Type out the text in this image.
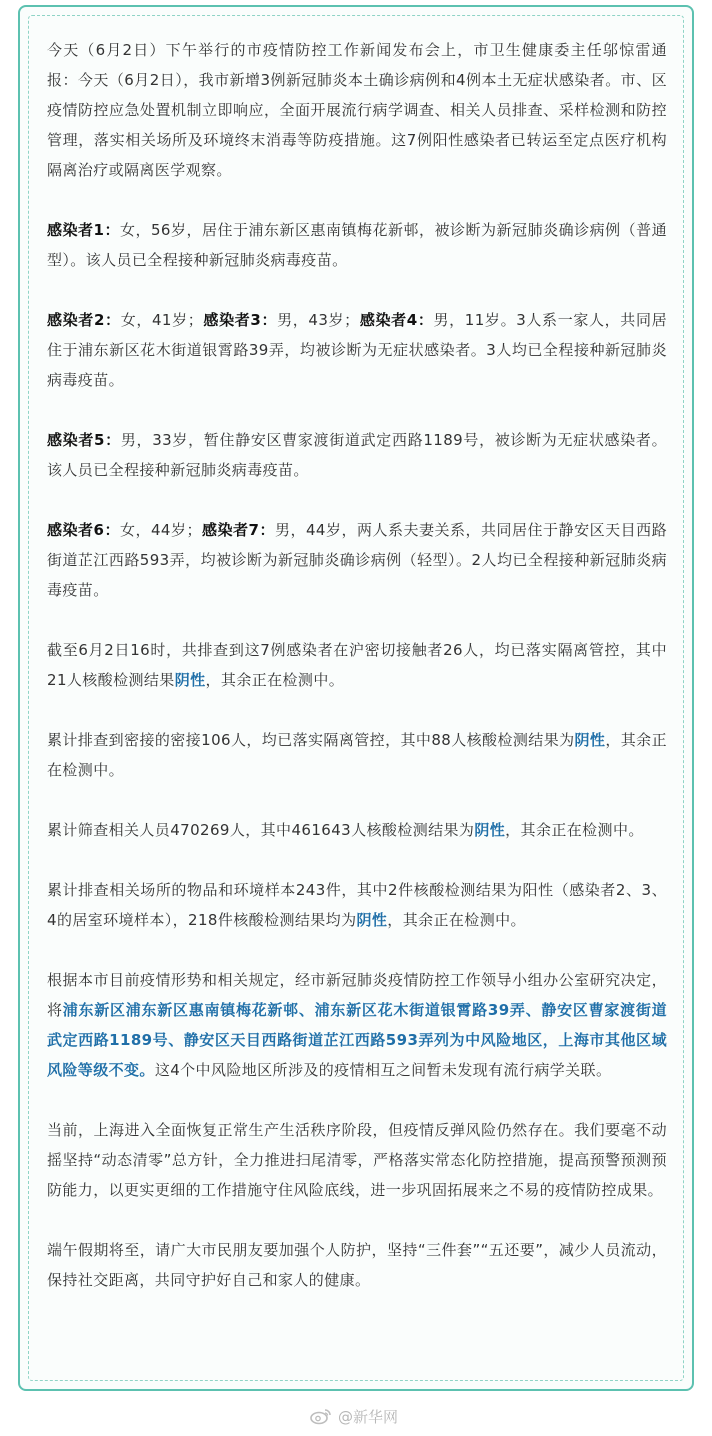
今天（6月2日）下午举行的市疫情防控工作新闻发布会上，市卫生健康委主任邬惊雷通报：今天（6月2日），我市新增3例新冠肺炎本土确诊病例和4例本土无症状感染者。市、区疫情防控应急处置机制立即响应，全面开展流行病学调查、相关人员排查、采样检测和防控管理，落实相关场所及环境终末消毒等防疫措施。这7例阳性感染者已转运至定点医疗机构隔离治疗或隔离医学观察。

感染者1：女，56岁，居住于浦东新区惠南镇梅花新邨，被诊断为新冠肺炎确诊病例（普通型）。该人员已全程接种新冠肺炎病毒疫苗。

感染者2：女，41岁；感染者3：男，43岁；感染者4：男，11岁。3人系一家人，共同居住于浦东新区花木街道银霄路39弄，均被诊断为无症状感染者。3人均已全程接种新冠肺炎病毒疫苗。

感染者5：男，33岁，暂住静安区曹家渡街道武定西路1189号，被诊断为无症状感染者。该人员已全程接种新冠肺炎病毒疫苗。

感染者6：女，44岁；感染者7：男，44岁，两人系夫妻关系，共同居住于静安区天目西路街道芷江西路593弄，均被诊断为新冠肺炎确诊病例（轻型）。2人均已全程接种新冠肺炎病毒疫苗。

截至6月2日16时，共排查到这7例感染者在沪密切接触者26人，均已落实隔离管控，其中21人核酸检测结果阴性，其余正在检测中。

累计排查到密接的密接106人，均已落实隔离管控，其中88人核酸检测结果为阴性，其余正在检测中。

累计筛查相关人员470269人，其中461643人核酸检测结果为阴性，其余正在检测中。

累计排查相关场所的物品和环境样本243件，其中2件核酸检测结果为阳性（感染者2、3、4的居室环境样本），218件核酸检测结果均为阴性，其余正在检测中。

根据本市目前疫情形势和相关规定，经市新冠肺炎疫情防控工作领导小组办公室研究决定，将浦东新区浦东新区惠南镇梅花新邨、浦东新区花木街道银霄路39弄、静安区曹家渡街道武定西路1189号、静安区天目西路街道芷江西路593弄列为中风险地区，上海市其他区域风险等级不变。这4个中风险地区所涉及的疫情相互之间暂未发现有流行病学关联。

当前，上海进入全面恢复正常生产生活秩序阶段，但疫情反弹风险仍然存在。我们要毫不动摇坚持“动态清零”总方针，全力推进扫尾清零，严格落实常态化防控措施，提高预警预测预防能力，以更实更细的工作措施守住风险底线，进一步巩固拓展来之不易的疫情防控成果。

端午假期将至，请广大市民朋友要加强个人防护，坚持“三件套”“五还要”，减少人员流动，保持社交距离，共同守护好自己和家人的健康。

@新华网
